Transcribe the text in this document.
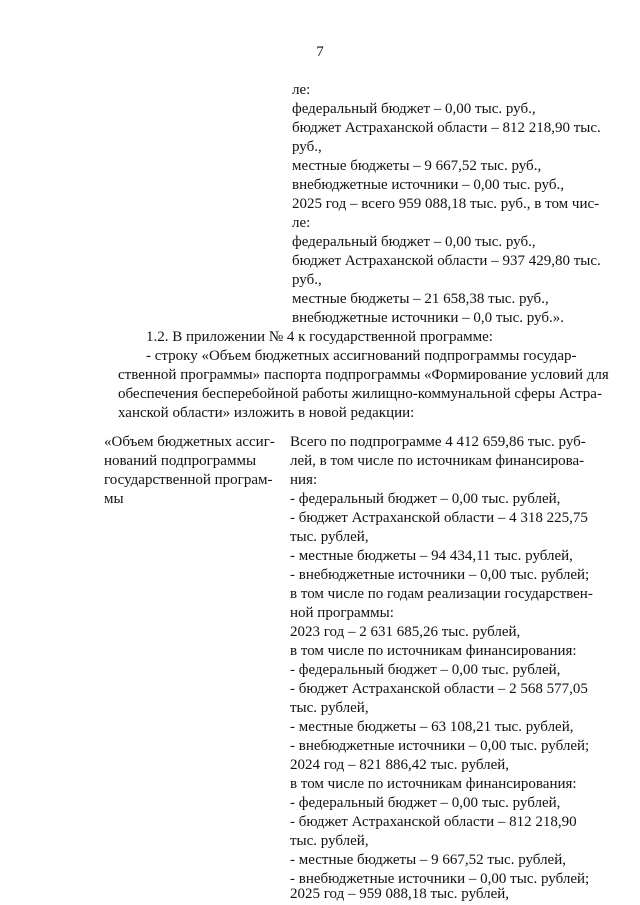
7
ле:
федеральный бюджет – 0,00 тыс. руб.,
бюджет Астраханской области – 812 218,90 тыс.
руб.,
местные бюджеты – 9 667,52 тыс. руб.,
внебюджетные источники – 0,00 тыс. руб.,
2025 год – всего 959 088,18 тыс. руб., в том чис-
ле:
федеральный бюджет – 0,00 тыс. руб.,
бюджет Астраханской области – 937 429,80 тыс.
руб.,
местные бюджеты – 21 658,38 тыс. руб.,
внебюджетные источники – 0,0 тыс. руб.».
1.2. В приложении № 4 к государственной программе:
- строку «Объем бюджетных ассигнований подпрограммы государ-
ственной программы» паспорта подпрограммы «Формирование условий для
обеспечения бесперебойной работы жилищно-коммунальной сферы Астра-
ханской области» изложить в новой редакции:
«Объем бюджетных ассиг-
нований подпрограммы
государственной програм-
мы
Всего по подпрограмме 4 412 659,86 тыс. руб-
лей, в том числе по источникам финансирова-
ния:
- федеральный бюджет – 0,00 тыс. рублей,
- бюджет Астраханской области – 4 318 225,75
тыс. рублей,
- местные бюджеты – 94 434,11 тыс. рублей,
- внебюджетные источники – 0,00 тыс. рублей;
в том числе по годам реализации государствен-
ной программы:
2023 год – 2 631 685,26 тыс. рублей,
в том числе по источникам финансирования:
- федеральный бюджет – 0,00 тыс. рублей,
- бюджет Астраханской области – 2 568 577,05
тыс. рублей,
- местные бюджеты – 63 108,21 тыс. рублей,
- внебюджетные источники – 0,00 тыс. рублей;
2024 год – 821 886,42 тыс. рублей,
в том числе по источникам финансирования:
- федеральный бюджет – 0,00 тыс. рублей,
- бюджет Астраханской области – 812 218,90
тыс. рублей,
- местные бюджеты – 9 667,52 тыс. рублей,
- внебюджетные источники – 0,00 тыс. рублей;
2025 год – 959 088,18 тыс. рублей,
